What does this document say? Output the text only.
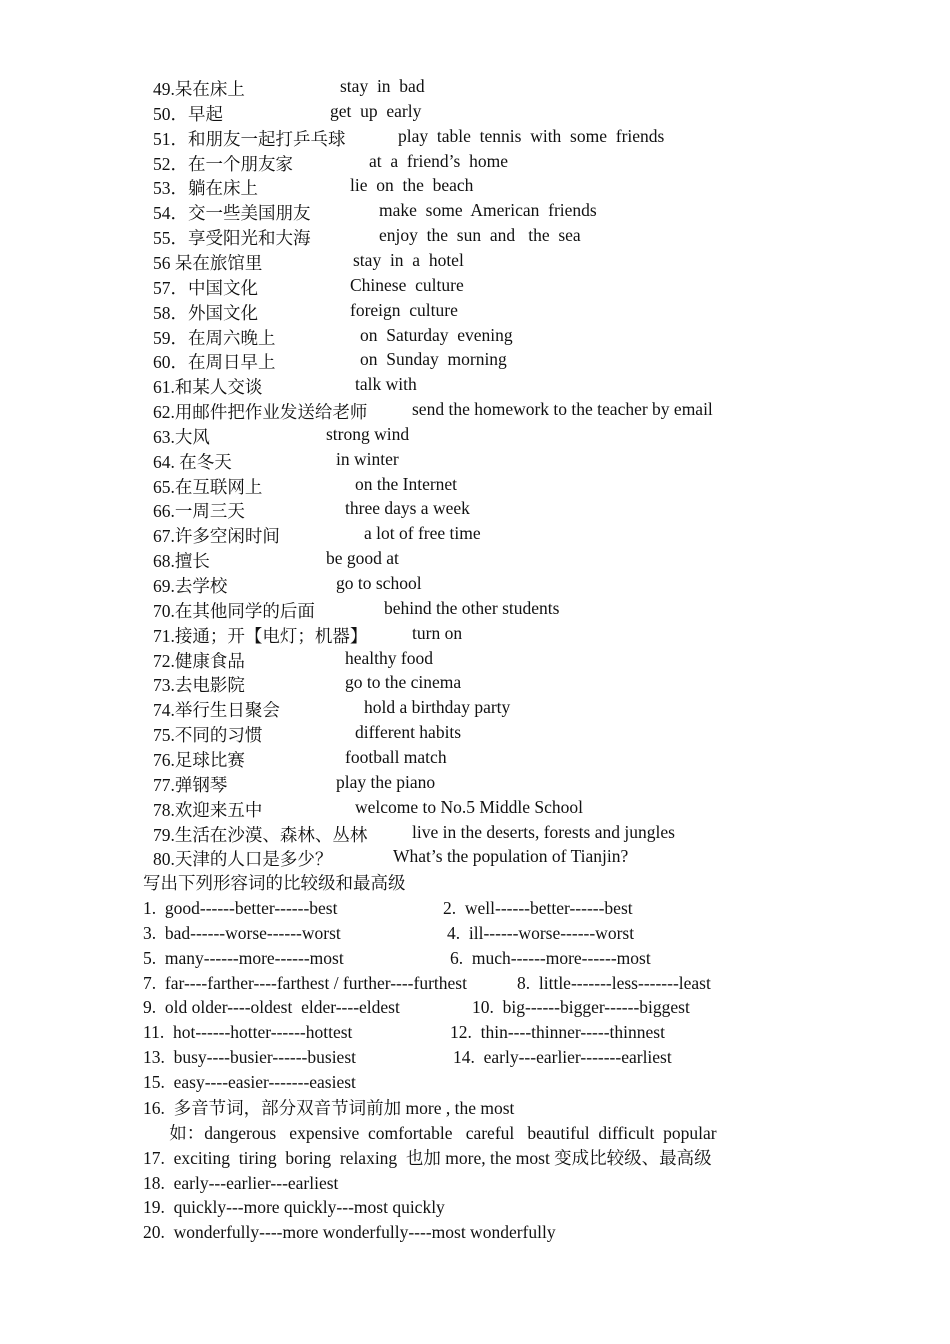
49.呆在床上	stay  in  bad
50．早起	get  up  early
51．和朋友一起打乒乓球	play  table  tennis  with  some  friends
52．在一个朋友家	at  a  friend’s  home
53．躺在床上	lie  on  the  beach
54．交一些美国朋友	make  some  American  friends
55．享受阳光和大海	enjoy  the  sun  and   the  sea
56 呆在旅馆里	stay  in  a  hotel
57．中国文化	Chinese  culture
58．外国文化	foreign  culture
59．在周六晚上	on  Saturday  evening
60．在周日早上	on  Sunday  morning
61.和某人交谈	talk with
62.用邮件把作业发送给老师	send the homework to the teacher by email
63.大风	strong wind
64. 在冬天	in winter
65.在互联网上	on the Internet
66.一周三天	three days a week
67.许多空闲时间	a lot of free time
68.擅长	be good at
69.去学校	go to school
70.在其他同学的后面	behind the other students
71.接通；开【电灯；机器】	turn on
72.健康食品	healthy food
73.去电影院	go to the cinema
74.举行生日聚会	hold a birthday party
75.不同的习惯	different habits
76.足球比赛	football match
77.弹钢琴	play the piano
78.欢迎来五中	welcome to No.5 Middle School
79.生活在沙漠、森林、丛林	live in the deserts, forests and jungles
80.天津的人口是多少？	What’s the population of Tianjin?
写出下列形容词的比较级和最高级
1.  good------better------best	2.  well------better------best
3.  bad------worse------worst	4.  ill------worse------worst
5.  many------more------most	6.  much------more------most
7.  far----farther----farthest / further----furthest	8.  little-------less-------least
9.  old older----oldest  elder----eldest	10.  big------bigger------biggest
11.  hot------hotter------hottest	12.  thin----thinner-----thinnest
13.  busy----busier------busiest	14.  early---earlier-------earliest
15.  easy----easier-------easiest
16.  多音节词，部分双音节词前加 more , the most
如：dangerous   expensive  comfortable   careful   beautiful  difficult  popular
17.  exciting  tiring  boring  relaxing  也加 more, the most 变成比较级、最高级
18.  early---earlier---earliest
19.  quickly---more quickly---most quickly
20.  wonderfully----more wonderfully----most wonderfully
